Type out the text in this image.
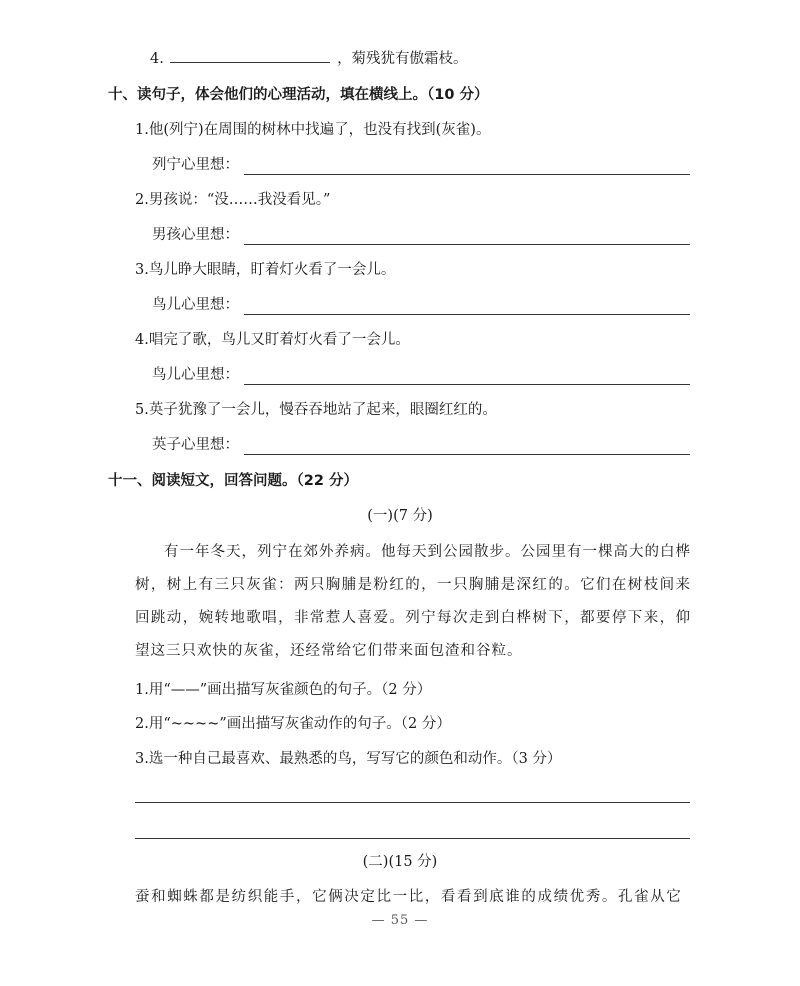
4.	，菊残犹有傲霜枝。
十、读句子，体会他们的心理活动，填在横线上。（10 分）
1.他(列宁)在周围的树林中找遍了，也没有找到(灰雀)。
列宁心里想：
2.男孩说：“没……我没看见。”
男孩心里想：
3.鸟儿睁大眼睛，盯着灯火看了一会儿。
鸟儿心里想：
4.唱完了歌，鸟儿又盯着灯火看了一会儿。
鸟儿心里想：
5.英子犹豫了一会儿，慢吞吞地站了起来，眼圈红红的。
英子心里想：
十一、阅读短文，回答问题。（22 分）
(一)(7 分)
有一年冬天，列宁在郊外养病。他每天到公园散步。公园里有一棵高大的白桦树，树上有三只灰雀：两只胸脯是粉红的，一只胸脯是深红的。它们在树枝间来回跳动，婉转地歌唱，非常惹人喜爱。列宁每次走到白桦树下，都要停下来，仰望这三只欢快的灰雀，还经常给它们带来面包渣和谷粒。
1.用“——”画出描写灰雀颜色的句子。（2 分）
2.用“~~~~”画出描写灰雀动作的句子。（2 分）
3.选一种自己最喜欢、最熟悉的鸟，写写它的颜色和动作。（3 分）
(二)(15 分)
蚕和蜘蛛都是纺织能手，它俩决定比一比，看看到底谁的成绩优秀。孔雀从它
— 55 —
